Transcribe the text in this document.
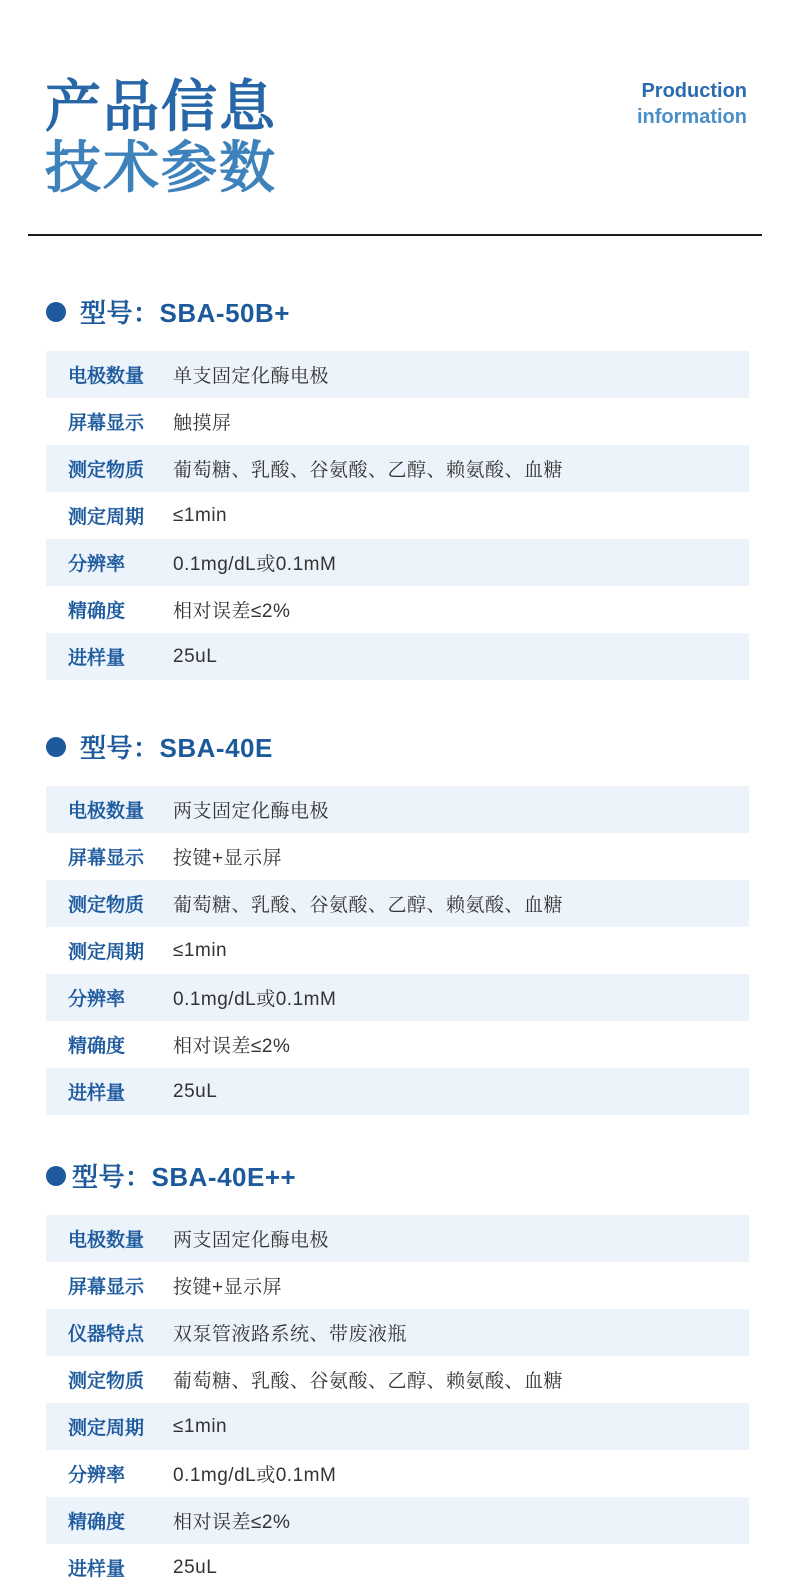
产品信息
技术参数
Production
information
型号：SBA-50B+
电极数量	单支固定化酶电极
屏幕显示	触摸屏
测定物质	葡萄糖、乳酸、谷氨酸、乙醇、赖氨酸、血糖
测定周期	≤1min
分辨率	0.1mg/dL或0.1mM
精确度	相对误差≤2%
进样量	25uL
型号：SBA-40E
电极数量	两支固定化酶电极
屏幕显示	按键+显示屏
测定物质	葡萄糖、乳酸、谷氨酸、乙醇、赖氨酸、血糖
测定周期	≤1min
分辨率	0.1mg/dL或0.1mM
精确度	相对误差≤2%
进样量	25uL
型号：SBA-40E++
电极数量	两支固定化酶电极
屏幕显示	按键+显示屏
仪器特点	双泵管液路系统、带废液瓶
测定物质	葡萄糖、乳酸、谷氨酸、乙醇、赖氨酸、血糖
测定周期	≤1min
分辨率	0.1mg/dL或0.1mM
精确度	相对误差≤2%
进样量	25uL
